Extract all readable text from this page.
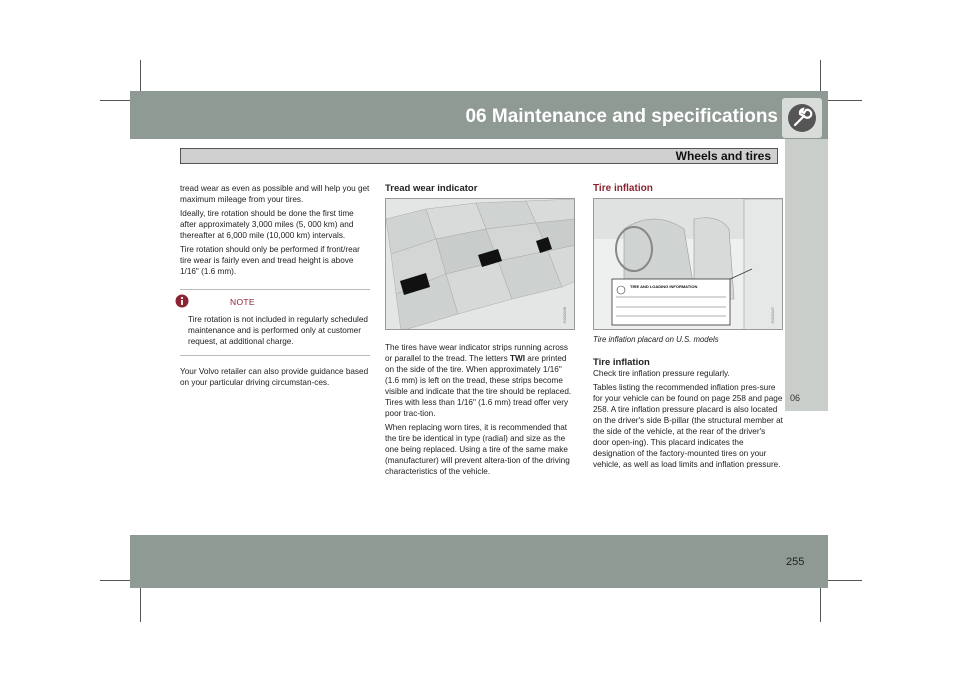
06 Maintenance and specifications
Wheels and tires
06

tread wear as even as possible and will help you get maximum mileage from your tires.

Ideally, tire rotation should be done the first time after approximately 3,000 miles (5, 000 km) and thereafter at 6,000 mile (10,000 km) intervals.

Tire rotation should only be performed if front/rear tire wear is fairly even and tread height is above 1/16" (1.6 mm).

NOTE
Tire rotation is not included in regularly scheduled maintenance and is performed only at customer request, at additional charge.

Your Volvo retailer can also provide guidance based on your particular driving circumstan-ces.

Tread wear indicator
G020938

The tires have wear indicator strips running across or parallel to the tread. The letters TWI are printed on the side of the tire. When approximately 1/16" (1.6 mm) is left on the tread, these strips become visible and indicate that the tire should be replaced. Tires with less than 1/16" (1.6 mm) tread offer very poor trac-tion.

When replacing worn tires, it is recommended that the tire be identical in type (radial) and size as the one being replaced. Using a tire of the same make (manufacturer) will prevent altera-tion of the driving characteristics of the vehicle.

Tire inflation
TIRE AND LOADING INFORMATION
G020347
Tire inflation placard on U.S. models
Tire inflation

Check tire inflation pressure regularly.

Tables listing the recommended inflation pres-sure for your vehicle can be found on page 258 and page 258. A tire inflation pressure placard is also located on the driver's side B-pillar (the structural member at the side of the vehicle, at the rear of the driver's door open-ing). This placard indicates the designation of the factory-mounted tires on your vehicle, as well as load limits and inflation pressure.

255
